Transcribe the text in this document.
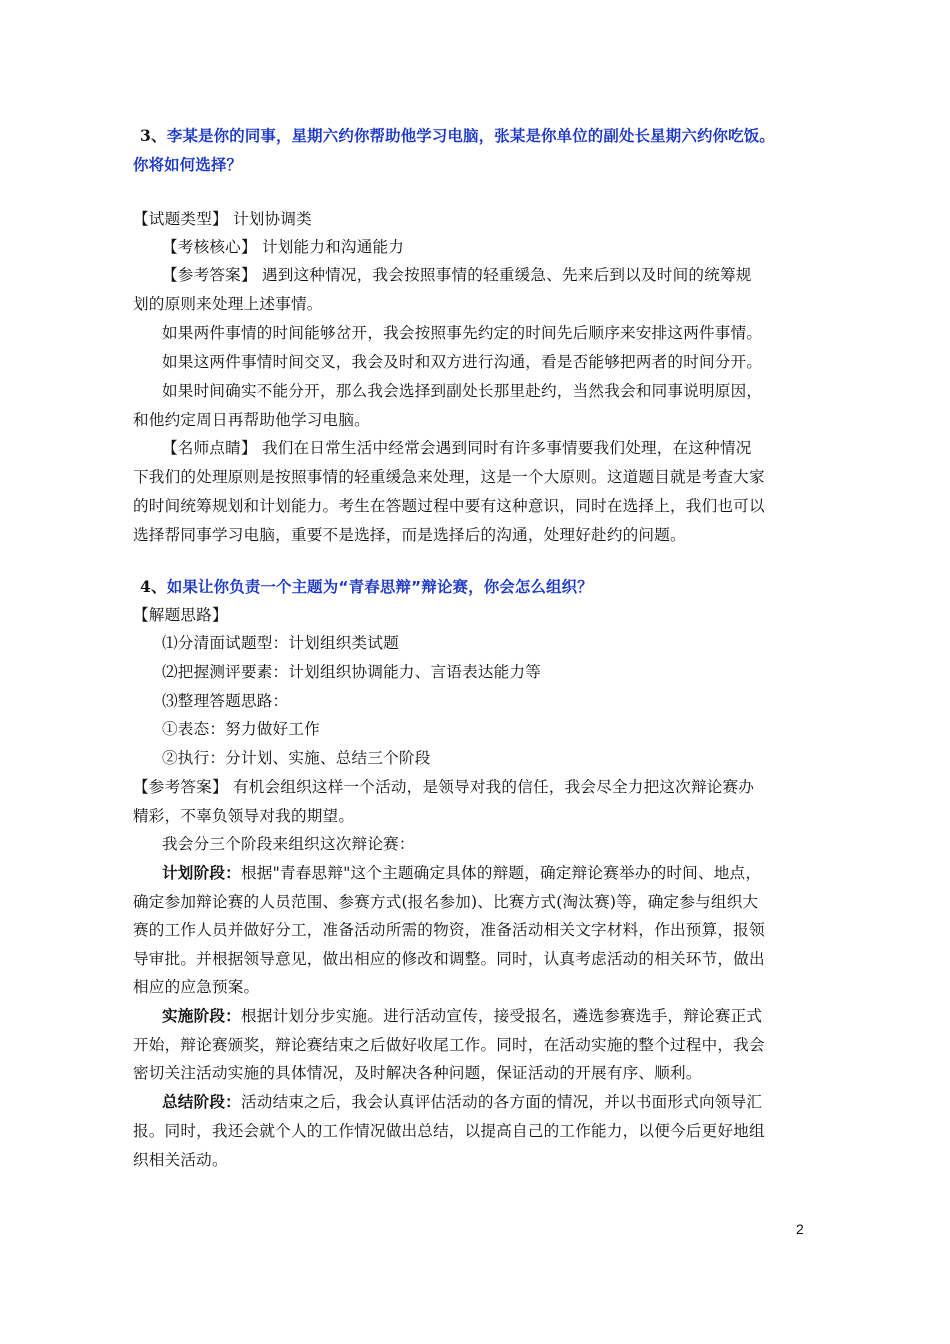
3、李某是你的同事，星期六约你帮助他学习电脑，张某是你单位的副处长星期六约你吃饭。
你将如何选择？
【试题类型】 计划协调类
【考核核心】 计划能力和沟通能力
【参考答案】 遇到这种情况，我会按照事情的轻重缓急、先来后到以及时间的统筹规
划的原则来处理上述事情。
如果两件事情的时间能够岔开，我会按照事先约定的时间先后顺序来安排这两件事情。
如果这两件事情时间交叉，我会及时和双方进行沟通，看是否能够把两者的时间分开。
如果时间确实不能分开，那么我会选择到副处长那里赴约，当然我会和同事说明原因，
和他约定周日再帮助他学习电脑。
【名师点睛】 我们在日常生活中经常会遇到同时有许多事情要我们处理，在这种情况
下我们的处理原则是按照事情的轻重缓急来处理，这是一个大原则。这道题目就是考查大家
的时间统筹规划和计划能力。考生在答题过程中要有这种意识，同时在选择上，我们也可以
选择帮同事学习电脑，重要不是选择，而是选择后的沟通，处理好赴约的问题。
4、如果让你负责一个主题为“青春思辩”辩论赛，你会怎么组织？
【解题思路】
⑴分清面试题型：计划组织类试题
⑵把握测评要素：计划组织协调能力、言语表达能力等
⑶整理答题思路：
①表态：努力做好工作
②执行：分计划、实施、总结三个阶段
【参考答案】 有机会组织这样一个活动，是领导对我的信任，我会尽全力把这次辩论赛办
精彩，不辜负领导对我的期望。
我会分三个阶段来组织这次辩论赛：
计划阶段：根据"青春思辩"这个主题确定具体的辩题，确定辩论赛举办的时间、地点，
确定参加辩论赛的人员范围、参赛方式(报名参加)、比赛方式(淘汰赛)等，确定参与组织大
赛的工作人员并做好分工，准备活动所需的物资，准备活动相关文字材料，作出预算，报领
导审批。并根据领导意见，做出相应的修改和调整。同时，认真考虑活动的相关环节，做出
相应的应急预案。
实施阶段：根据计划分步实施。进行活动宣传，接受报名，遴选参赛选手，辩论赛正式
开始，辩论赛颁奖，辩论赛结束之后做好收尾工作。同时，在活动实施的整个过程中，我会
密切关注活动实施的具体情况，及时解决各种问题，保证活动的开展有序、顺利。
总结阶段：活动结束之后，我会认真评估活动的各方面的情况，并以书面形式向领导汇
报。同时，我还会就个人的工作情况做出总结，以提高自己的工作能力，以便今后更好地组
织相关活动。
2
